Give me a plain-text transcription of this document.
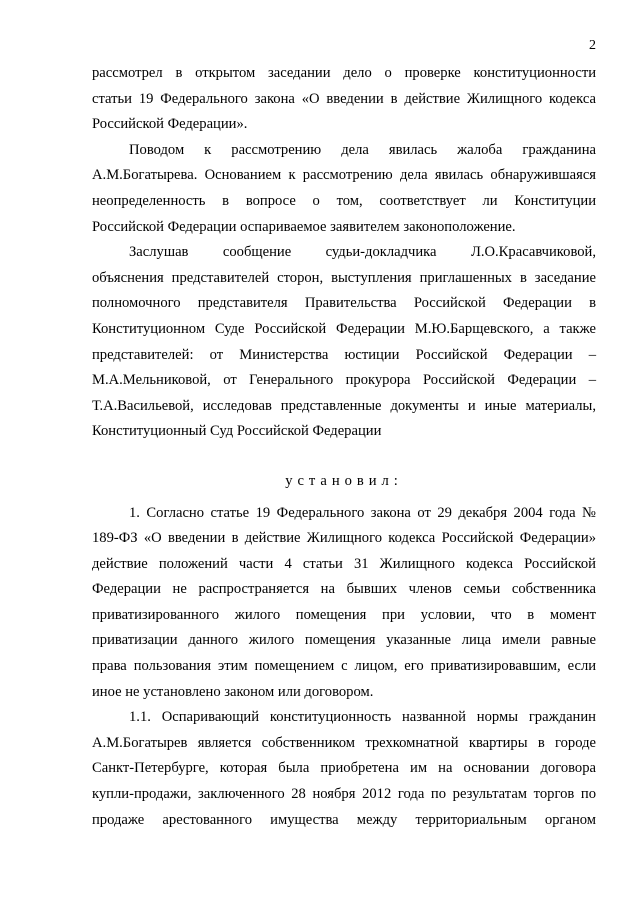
2

рассмотрел в открытом заседании дело о проверке конституционности
статьи 19 Федерального закона «О введении в действие Жилищного кодекса
Российской Федерации».

Поводом к рассмотрению дела явилась жалоба гражданина
А.М.Богатырева. Основанием к рассмотрению дела явилась обнаружившаяся
неопределенность в вопросе о том, соответствует ли Конституции
Российской Федерации оспариваемое заявителем законоположение.

Заслушав сообщение судьи-докладчика Л.О.Красавчиковой,
объяснения представителей сторон, выступления приглашенных в заседание
полномочного представителя Правительства Российской Федерации в
Конституционном Суде Российской Федерации М.Ю.Барщевского, а также
представителей: от Министерства юстиции Российской Федерации –
М.А.Мельниковой, от Генерального прокурора Российской Федерации –
Т.А.Васильевой, исследовав представленные документы и иные материалы,
Конституционный Суд Российской Федерации

установил:

1. Согласно статье 19 Федерального закона от 29 декабря 2004 года №
189-ФЗ «О введении в действие Жилищного кодекса Российской Федерации»
действие положений части 4 статьи 31 Жилищного кодекса Российской
Федерации не распространяется на бывших членов семьи собственника
приватизированного жилого помещения при условии, что в момент
приватизации данного жилого помещения указанные лица имели равные
права пользования этим помещением с лицом, его приватизировавшим, если
иное не установлено законом или договором.

1.1. Оспаривающий конституционность названной нормы гражданин
А.М.Богатырев является собственником трехкомнатной квартиры в городе
Санкт-Петербурге, которая была приобретена им на основании договора
купли-продажи, заключенного 28 ноября 2012 года по результатам торгов по
продаже арестованного имущества между территориальным органом
